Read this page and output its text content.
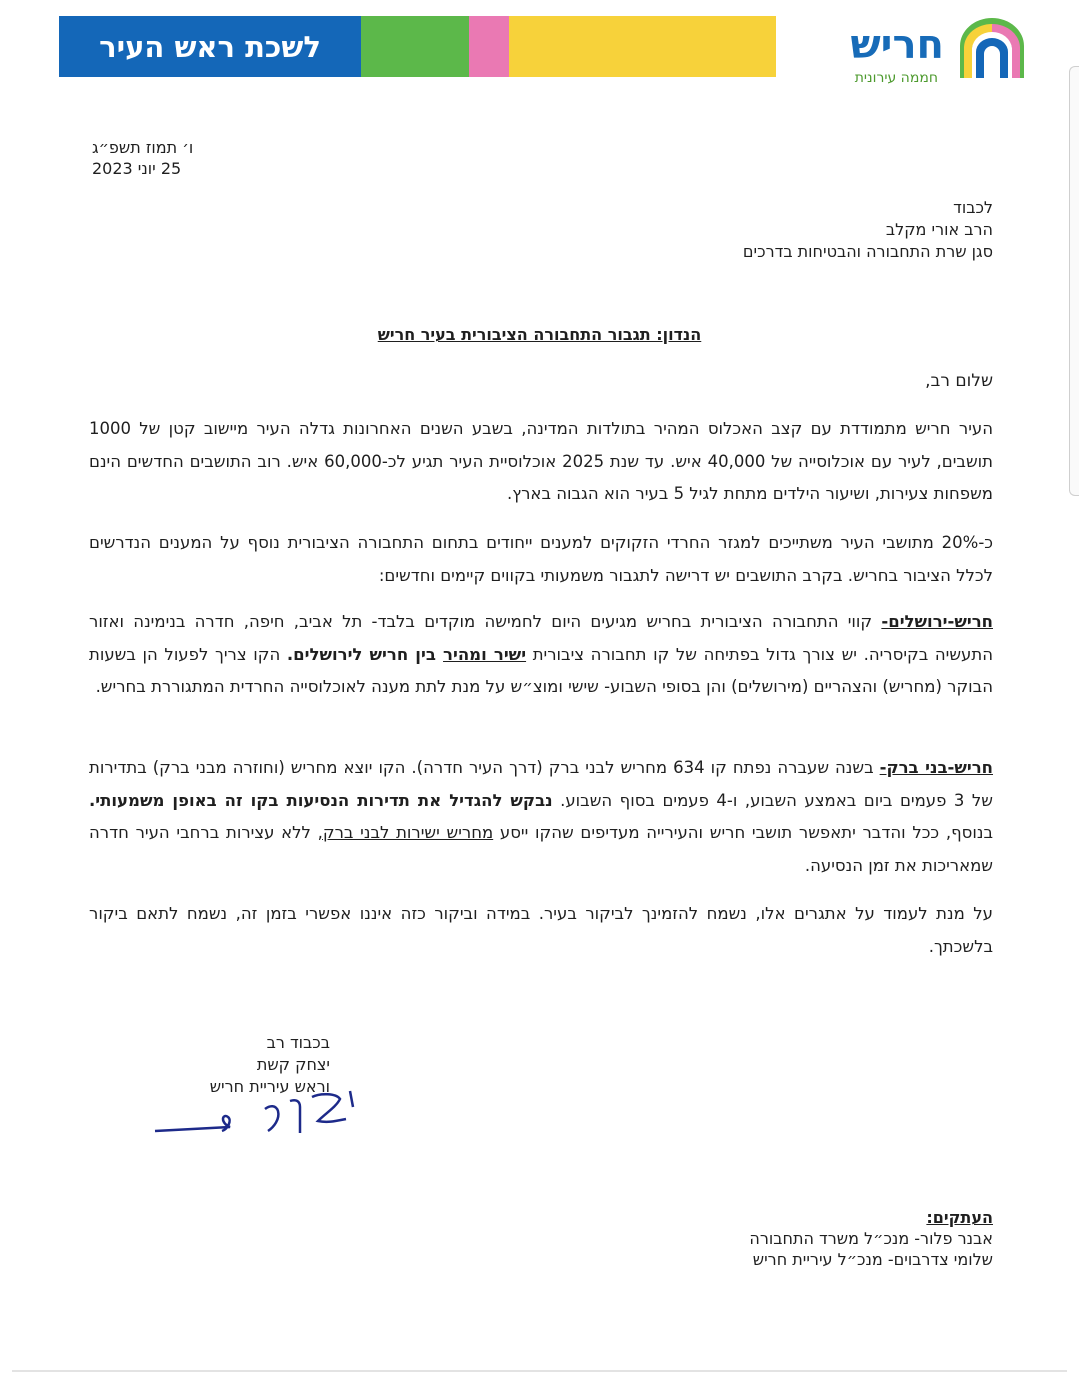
לשכת ראש העיר	חריש
חממה עירונית
ו׳ תמוז תשפ״ג
25 יוני 2023
לכבוד
הרב אורי מקלב
סגן שרת התחבורה והבטיחות בדרכים
הנדון: תגבור התחבורה הציבורית בעיר חריש
שלום רב,
העיר חריש מתמודדת עם קצב האכלוס המהיר בתולדות המדינה, בשבע השנים האחרונות גדלה העיר מיישוב קטן של 1000 תושבים, לעיר עם אוכלוסייה של 40,000 איש. עד שנת 2025 אוכלוסיית העיר תגיע לכ-60,000 איש. רוב התושבים החדשים הינם משפחות צעירות, ושיעור הילדים מתחת לגיל 5 בעיר הוא הגבוה בארץ.
כ-20% מתושבי העיר משתייכים למגזר החרדי הזקוקים למענים ייחודים בתחום התחבורה הציבורית נוסף על המענים הנדרשים לכלל הציבור בחריש. בקרב התושבים יש דרישה לתגבור משמעותי בקווים קיימים וחדשים:
חריש-ירושלים- קווי התחבורה הציבורית בחריש מגיעים היום לחמישה מוקדים בלבד- תל אביב, חיפה, חדרה בנימינה ואזור התעשיה בקיסריה. יש צורך גדול בפתיחה של קו תחבורה ציבורית ישיר ומהיר בין חריש לירושלים. הקו צריך לפעול הן בשעות הבוקר (מחריש) והצהריים (מירושלים) והן בסופי השבוע- שישי ומוצ״ש על מנת לתת מענה לאוכלוסייה החרדית המתגוררת בחריש.
חריש-בני ברק- בשנה שעברה נפתח קו 634 מחריש לבני ברק (דרך העיר חדרה). הקו יוצא מחריש (וחוזרה מבני ברק) בתדירות של 3 פעמים ביום באמצע השבוע, ו-4 פעמים בסוף השבוע. נבקש להגדיל את תדירות הנסיעות בקו זה באופן משמעותי. בנוסף, ככל והדבר יתאפשר תושבי חריש והעירייה מעדיפים שהקו ייסע מחריש ישירות לבני ברק, ללא עצירות ברחבי העיר חדרה שמאריכות את זמן הנסיעה.
על מנת לעמוד על אתגרים אלו, נשמח להזמינך לביקור בעיר. במידה וביקור כזה איננו אפשרי בזמן זה, נשמח לתאם ביקור בלשכתך.
בכבוד רב
יצחק קשת
וראש עיריית חריש
העתקים:
אבנר פלור- מנכ״ל משרד התחבורה
שלומי צדרבוים- מנכ״ל עיריית חריש
